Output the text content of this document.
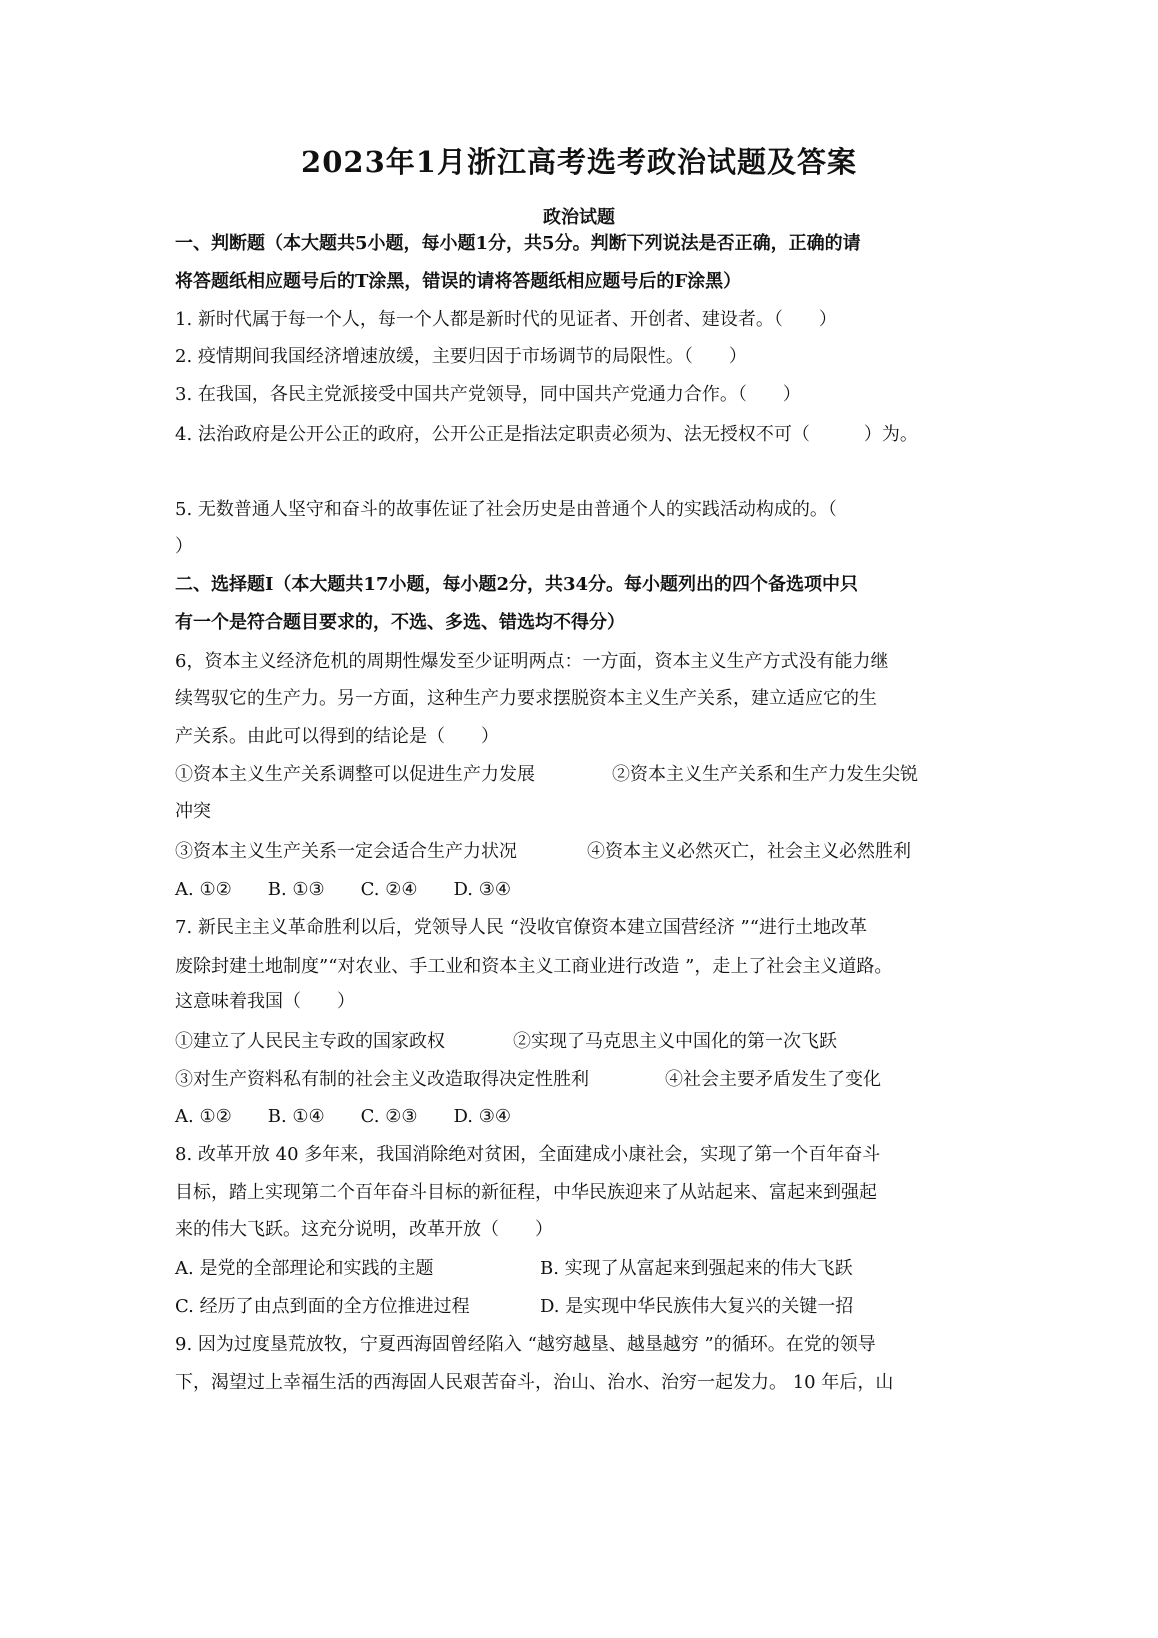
2023年1月浙江高考选考政治试题及答案
政治试题
一、判断题（本大题共5小题，每小题1分，共5分。判断下列说法是否正确，正确的请
将答题纸相应题号后的T涂黑，错误的请将答题纸相应题号后的F涂黑）
1. 新时代属于每一个人，每一个人都是新时代的见证者、开创者、建设者。（　　）
2. 疫情期间我国经济增速放缓，主要归因于市场调节的局限性。（　　）
3. 在我国，各民主党派接受中国共产党领导，同中国共产党通力合作。（　　）
4. 法治政府是公开公正的政府，公开公正是指法定职责必须为、法无授权不可（　　　）为。
5. 无数普通人坚守和奋斗的故事佐证了社会历史是由普通个人的实践活动构成的。（
）
二、选择题Ⅰ（本大题共17小题，每小题2分，共34分。每小题列出的四个备选项中只
有一个是符合题目要求的，不选、多选、错选均不得分）
6，资本主义经济危机的周期性爆发至少证明两点：一方面，资本主义生产方式没有能力继
续驾驭它的生产力。另一方面，这种生产力要求摆脱资本主义生产关系，建立适应它的生
产关系。由此可以得到的结论是（　　）
①资本主义生产关系调整可以促进生产力发展	②资本主义生产关系和生产力发生尖锐
冲突
③资本主义生产关系一定会适合生产力状况	④资本主义必然灭亡，社会主义必然胜利
A. ①②　　B. ①③　　C. ②④　　D. ③④
7. 新民主主义革命胜利以后，党领导人民 “没收官僚资本建立国营经济 ”“进行土地改革
废除封建土地制度”“对农业、手工业和资本主义工商业进行改造 ”，走上了社会主义道路。
这意味着我国（　　）
①建立了人民民主专政的国家政权	②实现了马克思主义中国化的第一次飞跃
③对生产资料私有制的社会主义改造取得决定性胜利	④社会主要矛盾发生了变化
A. ①②　　B. ①④　　C. ②③　　D. ③④
8. 改革开放 40 多年来，我国消除绝对贫困，全面建成小康社会，实现了第一个百年奋斗
目标，踏上实现第二个百年奋斗目标的新征程，中华民族迎来了从站起来、富起来到强起
来的伟大飞跃。这充分说明，改革开放（　　）
A. 是党的全部理论和实践的主题	B. 实现了从富起来到强起来的伟大飞跃
C. 经历了由点到面的全方位推进过程	D. 是实现中华民族伟大复兴的关键一招
9. 因为过度垦荒放牧，宁夏西海固曾经陷入 “越穷越垦、越垦越穷 ”的循环。在党的领导
下，渴望过上幸福生活的西海固人民艰苦奋斗，治山、治水、治穷一起发力。 10 年后，山
